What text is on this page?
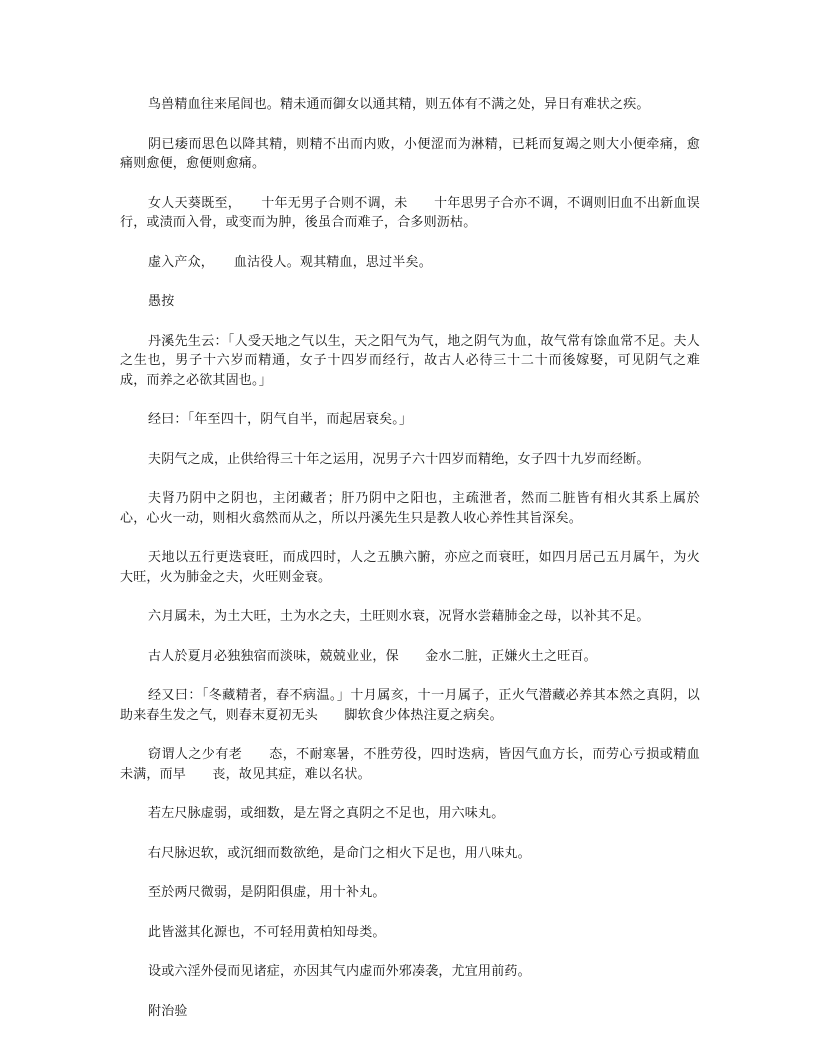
鸟兽精血往来尾闾也。精未通而御女以通其精，则五体有不满之处，异日有难状之疾。

阴已痿而思色以降其精，则精不出而内败，小便涩而为淋精，已耗而复竭之则大小便牵痛，愈痛则愈便，愈便则愈痛。

女人天葵既至，　　十年无男子合则不调，未　　十年思男子合亦不调，不调则旧血不出新血误行，或渍而入骨，或变而为肿，後虽合而难子，合多则沥枯。

虚入产众，　　血沽役人。观其精血，思过半矣。

愚按

丹溪先生云：「人受天地之气以生，天之阳气为气，地之阴气为血，故气常有馀血常不足。夫人之生也，男子十六岁而精通，女子十四岁而经行，故古人必待三十二十而後嫁娶，可见阴气之难成，而养之必欲其固也。」

经曰：「年至四十，阴气自半，而起居衰矣。」

夫阴气之成，止供给得三十年之运用，况男子六十四岁而精绝，女子四十九岁而经断。

夫肾乃阴中之阴也，主闭藏者；肝乃阴中之阳也，主疏泄者，然而二脏皆有相火其系上属於心，心火一动，则相火翕然而从之，所以丹溪先生只是教人收心养性其旨深矣。

天地以五行更迭衰旺，而成四时，人之五腆六腑，亦应之而衰旺，如四月居己五月属午，为火大旺，火为肺金之夫，火旺则金衰。

六月属未，为土大旺，土为水之夫，土旺则水衰，况肾水尝藉肺金之母，以补其不足。

古人於夏月必独独宿而淡味，兢兢业业，保　　金水二脏，正嫌火土之旺百。

经又曰：「冬藏精者，春不病温。」十月属亥，十一月属子，正火气潜藏必养其本然之真阴，以助来春生发之气，则春末夏初无头　　脚软食少体热注夏之病矣。

窃谓人之少有老　　态，不耐寒暑，不胜劳役，四时迭病，皆因气血方长，而劳心亏损或精血未满，而早　　丧，故见其症，难以名状。

若左尺脉虚弱，或细数，是左肾之真阴之不足也，用六味丸。

右尺脉迟软，或沉细而数欲绝，是命门之相火下足也，用八味丸。

至於两尺微弱，是阴阳俱虚，用十补丸。

此皆滋其化源也，不可轻用黄柏知母类。

设或六淫外侵而见诸症，亦因其气内虚而外邪凑袭，尤宜用前药。

附治验
